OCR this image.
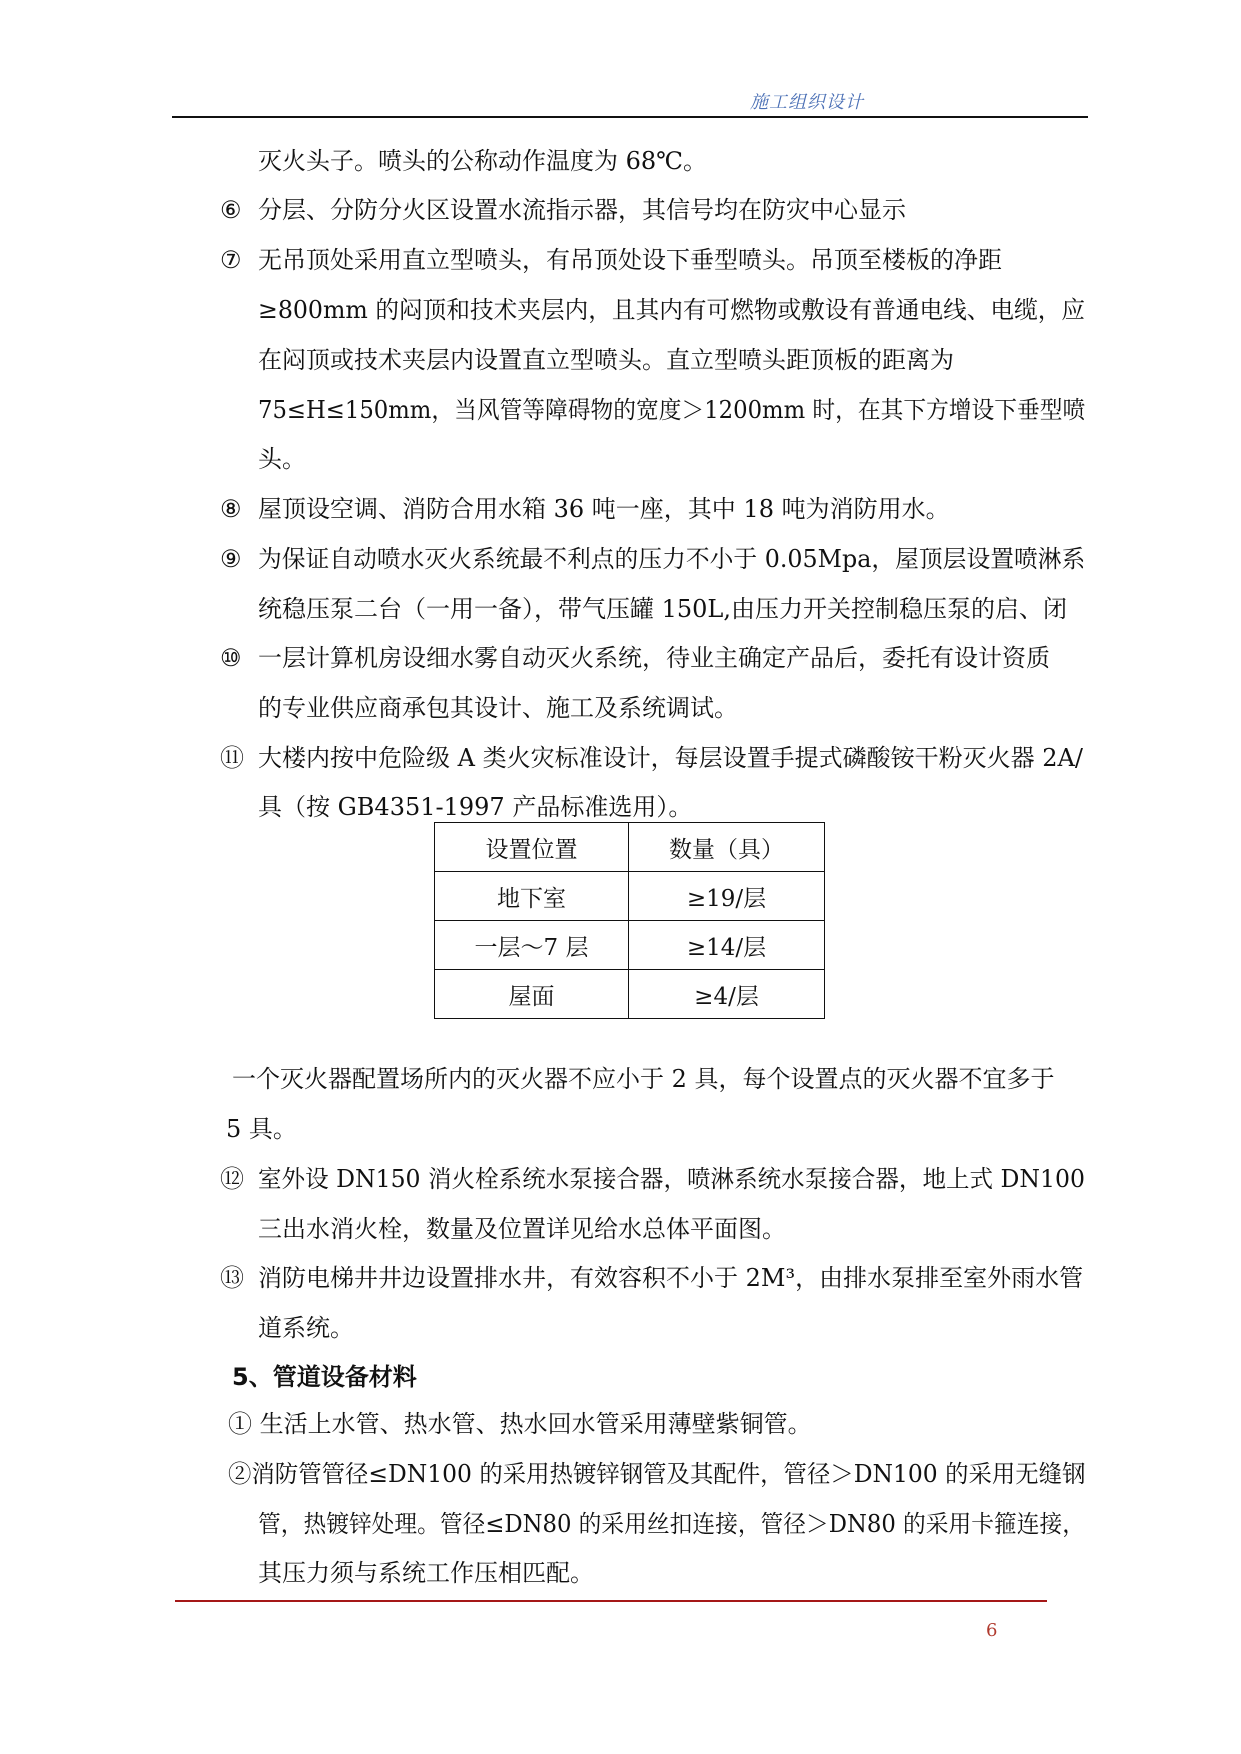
施工组织设计
灭火头子。喷头的公称动作温度为 68℃。
⑥ 分层、分防分火区设置水流指示器，其信号均在防灾中心显示
⑦ 无吊顶处采用直立型喷头，有吊顶处设下垂型喷头。吊顶至楼板的净距
≥800mm 的闷顶和技术夹层内，且其内有可燃物或敷设有普通电线、电缆，应
在闷顶或技术夹层内设置直立型喷头。直立型喷头距顶板的距离为
75≤H≤150mm，当风管等障碍物的宽度＞1200mm 时，在其下方增设下垂型喷
头。
⑧ 屋顶设空调、消防合用水箱 36 吨一座，其中 18 吨为消防用水。
⑨ 为保证自动喷水灭火系统最不利点的压力不小于 0.05Mpa，屋顶层设置喷淋系
统稳压泵二台（一用一备），带气压罐 150L,由压力开关控制稳压泵的启、闭
⑩ 一层计算机房设细水雾自动灭火系统，待业主确定产品后，委托有设计资质
的专业供应商承包其设计、施工及系统调试。
⑪ 大楼内按中危险级 A 类火灾标准设计，每层设置手提式磷酸铵干粉灭火器 2A/
具（按 GB4351-1997 产品标准选用）。
设置位置	数量（具）
地下室	≥19/层
一层～7 层	≥14/层
屋面	≥4/层
一个灭火器配置场所内的灭火器不应小于 2 具，每个设置点的灭火器不宜多于
5 具。
⑫ 室外设 DN150 消火栓系统水泵接合器，喷淋系统水泵接合器，地上式 DN100
三出水消火栓，数量及位置详见给水总体平面图。
⑬ 消防电梯井井边设置排水井，有效容积不小于 2M³，由排水泵排至室外雨水管
道系统。
5、管道设备材料
① 生活上水管、热水管、热水回水管采用薄壁紫铜管。
②消防管管径≤DN100 的采用热镀锌钢管及其配件，管径＞DN100 的采用无缝钢
管，热镀锌处理。管径≤DN80 的采用丝扣连接，管径＞DN80 的采用卡箍连接，
其压力须与系统工作压相匹配。
6
